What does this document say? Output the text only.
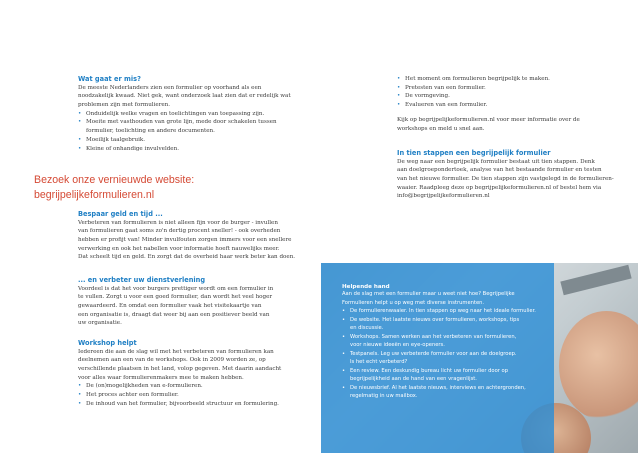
Wat gaat er mis?

De meeste Nederlanders zien een formulier op voorhand als een

noodzakelijk kwaad. Niet gek, want onderzoek laat zien dat er redelijk wat

problemen zijn met formulieren.

• Onduidelijk welke vragen en toelichtingen van toepassing zijn.
• Moeite met vasthouden van grote lijn, mede door schakelen tussen
formulier, toelichting en andere documenten.
• Moeilijk taalgebruik.
• Kleine of onhandige invulvelden.
Bezoek onze vernieuwde website:
begrijpelijkeformulieren.nl
Bespaar geld en tijd ...

Verbeteren van formulieren is niet alleen fijn voor de burger - invullen

van formulieren gaat soms zo'n dertig procent sneller! - ook overheden

hebben er profijt van! Minder invulfouten zorgen immers voor een snellere

verwerking en ook het nabellen voor informatie hoeft nauwelijks meer.

Dat scheelt tijd en geld. En zorgt dat de overheid haar werk beter kan doen.

... en verbeter uw dienstverlening

Voordeel is dat het voor burgers prettiger wordt om een formulier in

te vullen. Zorgt u voor een goed formulier, dan wordt het veel hoger

gewaardeerd. En omdat een formulier vaak het visitekaartje van

een organisatie is, draagt dat weer bij aan een positiever beeld van

uw organisatie.

Workshop helpt

Iedereen die aan de slag wil met het verbeteren van formulieren kan

deelnemen aan een van de workshops. Ook in 2009 worden ze, op

verschillende plaatsen in het land, volop gegeven. Met daarin aandacht

voor alles waar formulierenmakers mee te maken hebben.

• De (on)mogelijkheden van e-formulieren.
• Het proces achter een formulier.
• De inhoud van het formulier, bijvoorbeeld structuur en formulering.
• Het moment om formulieren begrijpelijk te maken.
• Pretesten van een formulier.
• De vormgeving.
• Evalueren van een formulier.

Kijk op begrijpelijkeformulieren.nl voor meer informatie over de

workshops en meld u snel aan.

In tien stappen een begrijpelijk formulier

De weg naar een begrijpelijk formulier bestaat uit tien stappen. Denk

aan doelgroepondertoek, analyse van het bestaande formulier en testen

van het nieuwe formulier. De tien stappen zijn vastgelegd in de formulieren-

waaier. Raadpleeg deze op begrijpelijkeformulieren.nl of bestel hem via

info@begrijpelijkeformulieren.nl

Helpende hand

Aan de slag met een formulier maar u weet niet hoe? Begrijpelijke

Formulieren helpt u op weg met diverse instrumenten.

• De formulierenwaaier. In tien stappen op weg naar het ideale formulier.
• De website. Het laatste nieuws over formulieren, workshops, tips
en discussie.
• Workshops. Samen werken aan het verbeteren van formulieren,
voor nieuwe ideeën en eye-openers.
• Testpanels. Leg uw verbeterde formulier voor aan de doelgroep.
Is het echt verbeterd?
• Een review. Een deskundig bureau licht uw formulier door op
begrijpelijkheid aan de hand van een vragenlijst.
• De nieuwsbrief. Al het laatste nieuws, interviews en achtergronden,
regelmatig in uw mailbox.
